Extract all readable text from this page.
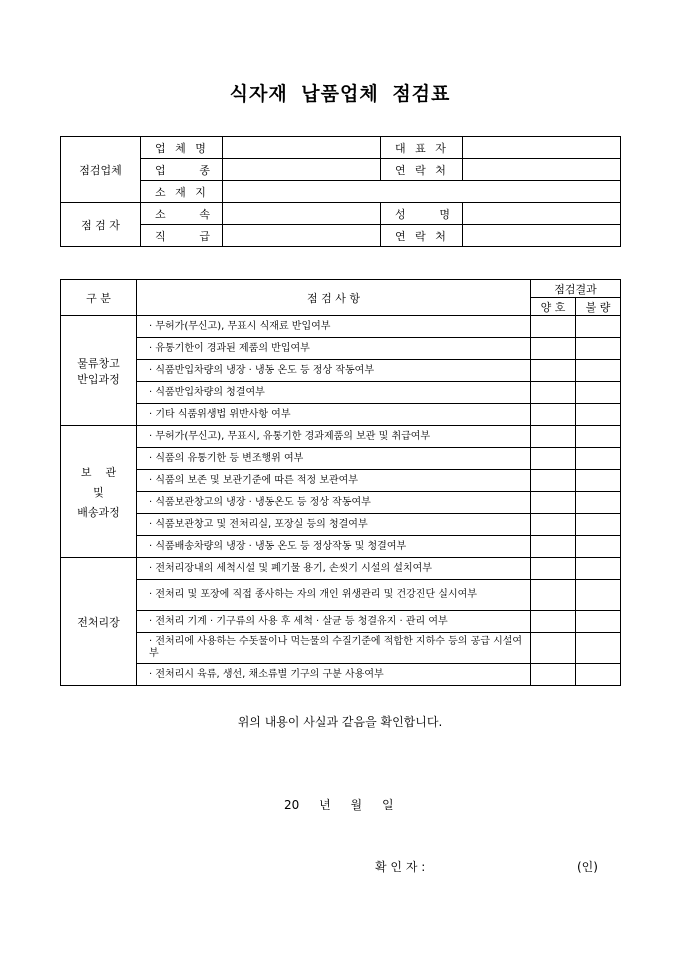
식자재 납품업체 점검표
점검업체	업 체 명		대 표 자	

	업 종		연 락 처	
	소 재 지			
점 검 자	소 속		성 명	

	직 급		연 락 처	
구 분	점 검 사 항	점검결과	
		양 호	불 량

물류창고
반입과정	· 무허가(무신고), 무표시 식재료 반입여부		
	· 유통기한이 경과된 제품의 반입여부		
	· 식품반입차량의 냉장 · 냉동 온도 등 정상 작동여부		
	· 식품반입차량의 청결여부		
	· 기타 식품위생법 위반사항 여부		

보    관
및
배송과정	· 무허가(무신고), 무표시, 유통기한 경과제품의 보관 및 취급여부		
	· 식품의 유통기한 등 변조행위 여부		
	· 식품의 보존 및 보관기준에 따른 적정 보관여부		
	· 식품보관창고의 냉장 · 냉동온도 등 정상 작동여부		
	· 식품보관창고 및 전처리실, 포장실 등의 청결여부		
	· 식품배송차량의 냉장 · 냉동 온도 등 정상작동 및 청결여부		
전처리장	· 전처리장내의 세척시설 및 폐기물 용기, 손씻기 시설의 설치여부		
	· 전처리 및 포장에 직접 종사하는 자의 개인 위생관리 및 건강진단 실시여부		
	· 전처리 기계 · 기구류의 사용 후 세척 · 살균 등 청결유지 · 관리 여부		
	· 전처리에 사용하는 수돗물이나 먹는물의 수질기준에 적합한 지하수 등의 공급 시설여부		
	· 전처리시 육류, 생선, 채소류별 기구의 구분 사용여부		
위의 내용이 사실과 같음을 확인합니다.
20 년 월 일
확 인 자 :	(인)
